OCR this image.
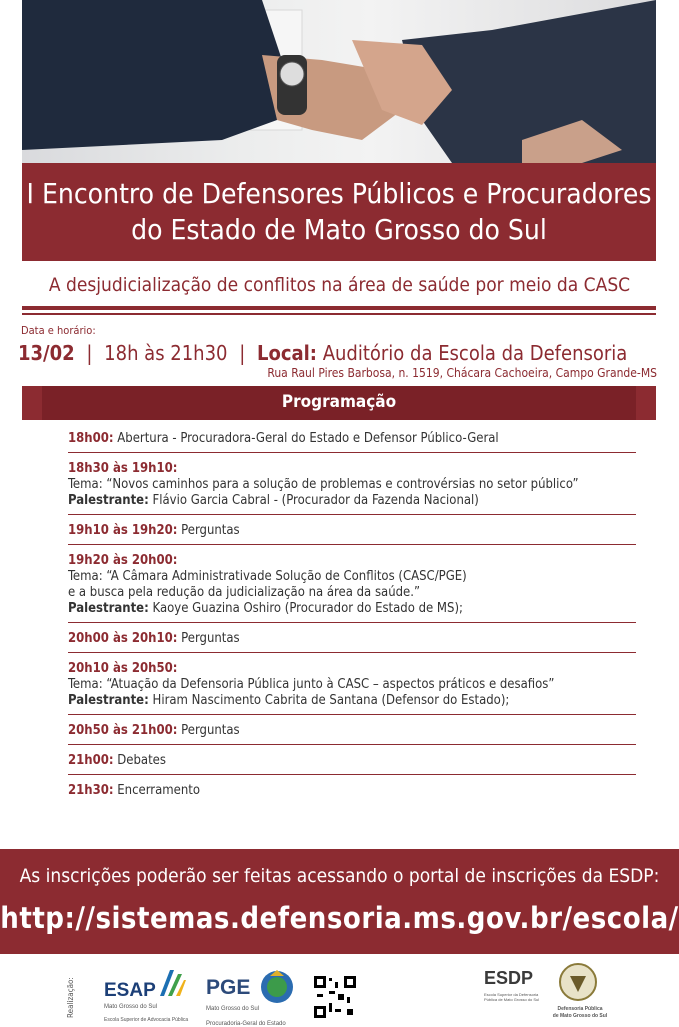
I Encontro de Defensores Públicos e Procuradores
do Estado de Mato Grosso do Sul
A desjudicialização de conflitos na área de saúde por meio da CASC
Data e horário:
13/02 | 18h às 21h30 | Local: Auditório da Escola da Defensoria
Rua Raul Pires Barbosa, n. 1519, Chácara Cachoeira, Campo Grande-MS
Programação
18h00: Abertura - Procuradora-Geral do Estado e Defensor Público-Geral
18h30 às 19h10:
Tema: “Novos caminhos para a solução de problemas e controvérsias no setor público”
Palestrante: Flávio Garcia Cabral - (Procurador da Fazenda Nacional)
19h10 às 19h20: Perguntas
19h20 às 20h00:
Tema: “A Câmara Administrativade Solução de Conflitos (CASC/PGE)
e a busca pela redução da judicialização na área da saúde.”
Palestrante: Kaoye Guazina Oshiro (Procurador do Estado de MS);
20h00 às 20h10: Perguntas
20h10 às 20h50:
Tema: “Atuação da Defensoria Pública junto à CASC – aspectos práticos e desafios”
Palestrante: Hiram Nascimento Cabrita de Santana (Defensor do Estado);
20h50 às 21h00: Perguntas
21h00: Debates
21h30: Encerramento
As inscrições poderão ser feitas acessando o portal de inscrições da ESDP:
http://sistemas.defensoria.ms.gov.br/escola/
Realização: ESAP
Mato Grosso do Sul
Escola Superior de Advocacia Pública
PGE
Mato Grosso do Sul
Procuradoria-Geral do Estado
ESDP
Escola Superior da Defensoria Pública de Mato Grosso do Sul
Defensoria Pública
de Mato Grosso do Sul
